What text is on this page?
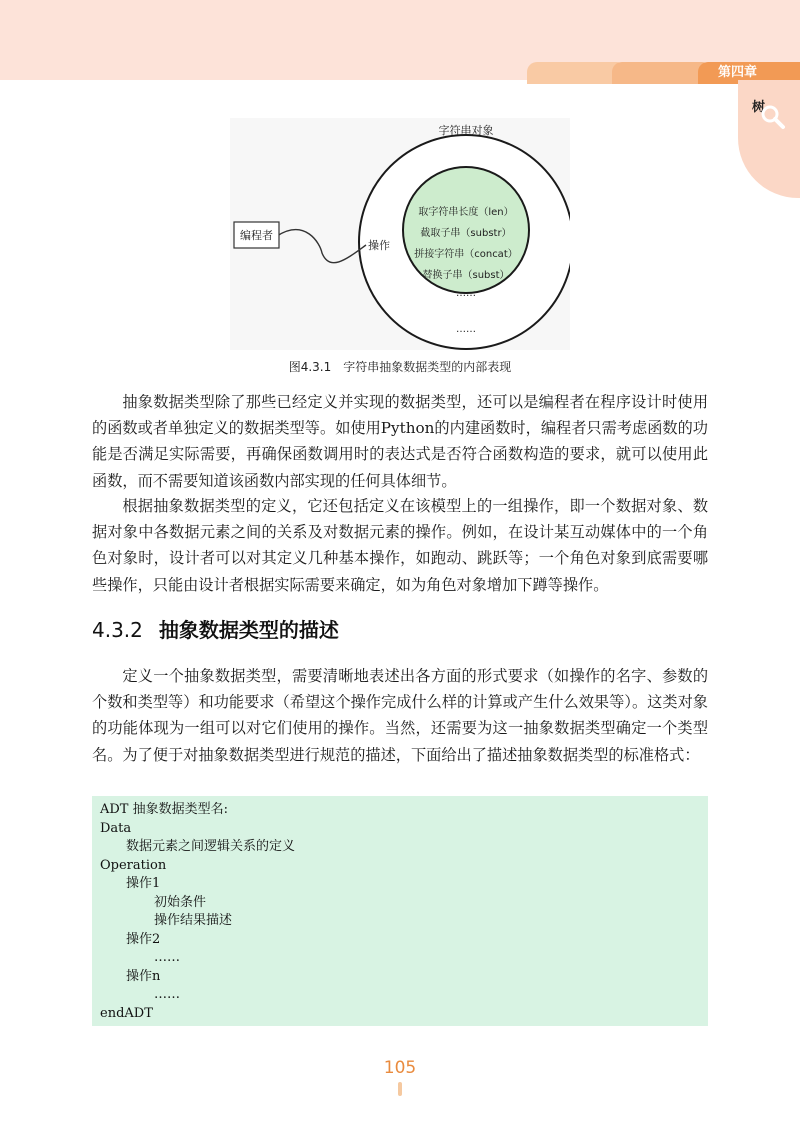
第四章
树
编程者
字符串对象
操作
取字符串长度（len）
截取子串（substr）
拼接字符串（concat）
替换子串（subst）
……
……
图4.3.1　字符串抽象数据类型的内部表现

抽象数据类型除了那些已经定义并实现的数据类型，还可以是编程者在程序设计时使用的函数或者单独定义的数据类型等。如使用Python的内建函数时，编程者只需考虑函数的功能是否满足实际需要，再确保函数调用时的表达式是否符合函数构造的要求，就可以使用此函数，而不需要知道该函数内部实现的任何具体细节。

根据抽象数据类型的定义，它还包括定义在该模型上的一组操作，即一个数据对象、数据对象中各数据元素之间的关系及对数据元素的操作。例如，在设计某互动媒体中的一个角色对象时，设计者可以对其定义几种基本操作，如跑动、跳跃等；一个角色对象到底需要哪些操作，只能由设计者根据实际需要来确定，如为角色对象增加下蹲等操作。

4.3.2 抽象数据类型的描述

定义一个抽象数据类型，需要清晰地表述出各方面的形式要求（如操作的名字、参数的个数和类型等）和功能要求（希望这个操作完成什么样的计算或产生什么效果等）。这类对象的功能体现为一组可以对它们使用的操作。当然，还需要为这一抽象数据类型确定一个类型名。为了便于对抽象数据类型进行规范的描述，下面给出了描述抽象数据类型的标准格式：

ADT 抽象数据类型名:
Data
数据元素之间逻辑关系的定义
Operation
操作1
初始条件
操作结果描述
操作2
……
操作n
……
endADT
105
